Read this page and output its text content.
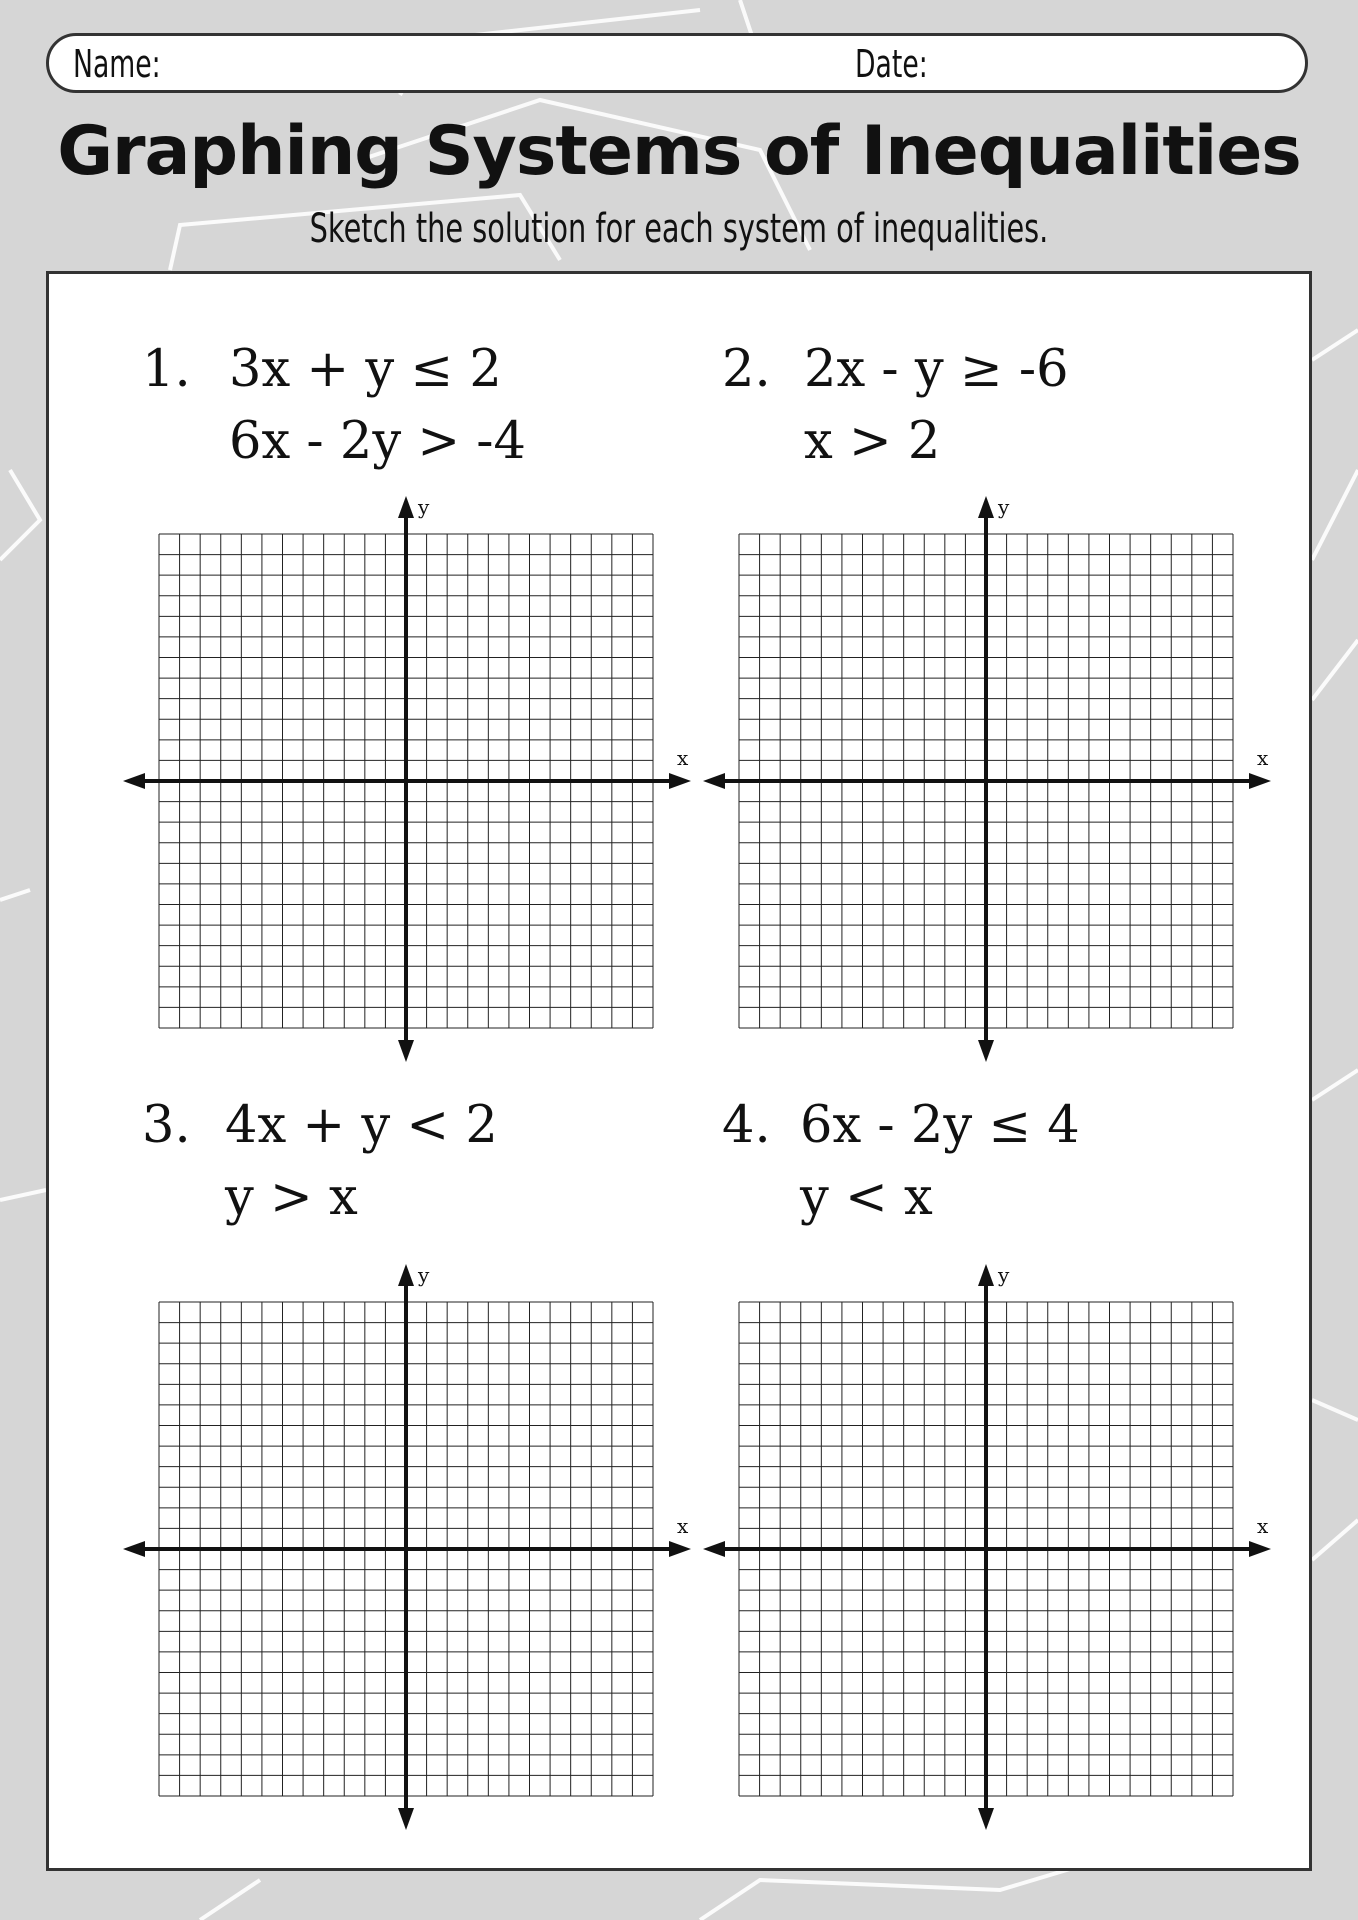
Name:	Date:
Graphing Systems of Inequalities
Sketch the solution for each system of inequalities.
1. 3x + y ≤ 2
6x - 2y > -4
x
y
2. 2x - y ≥ -6
x > 2
x
y
3. 4x + y < 2
y > x
x
y
4. 6x - 2y ≤ 4
y < x
x
y
